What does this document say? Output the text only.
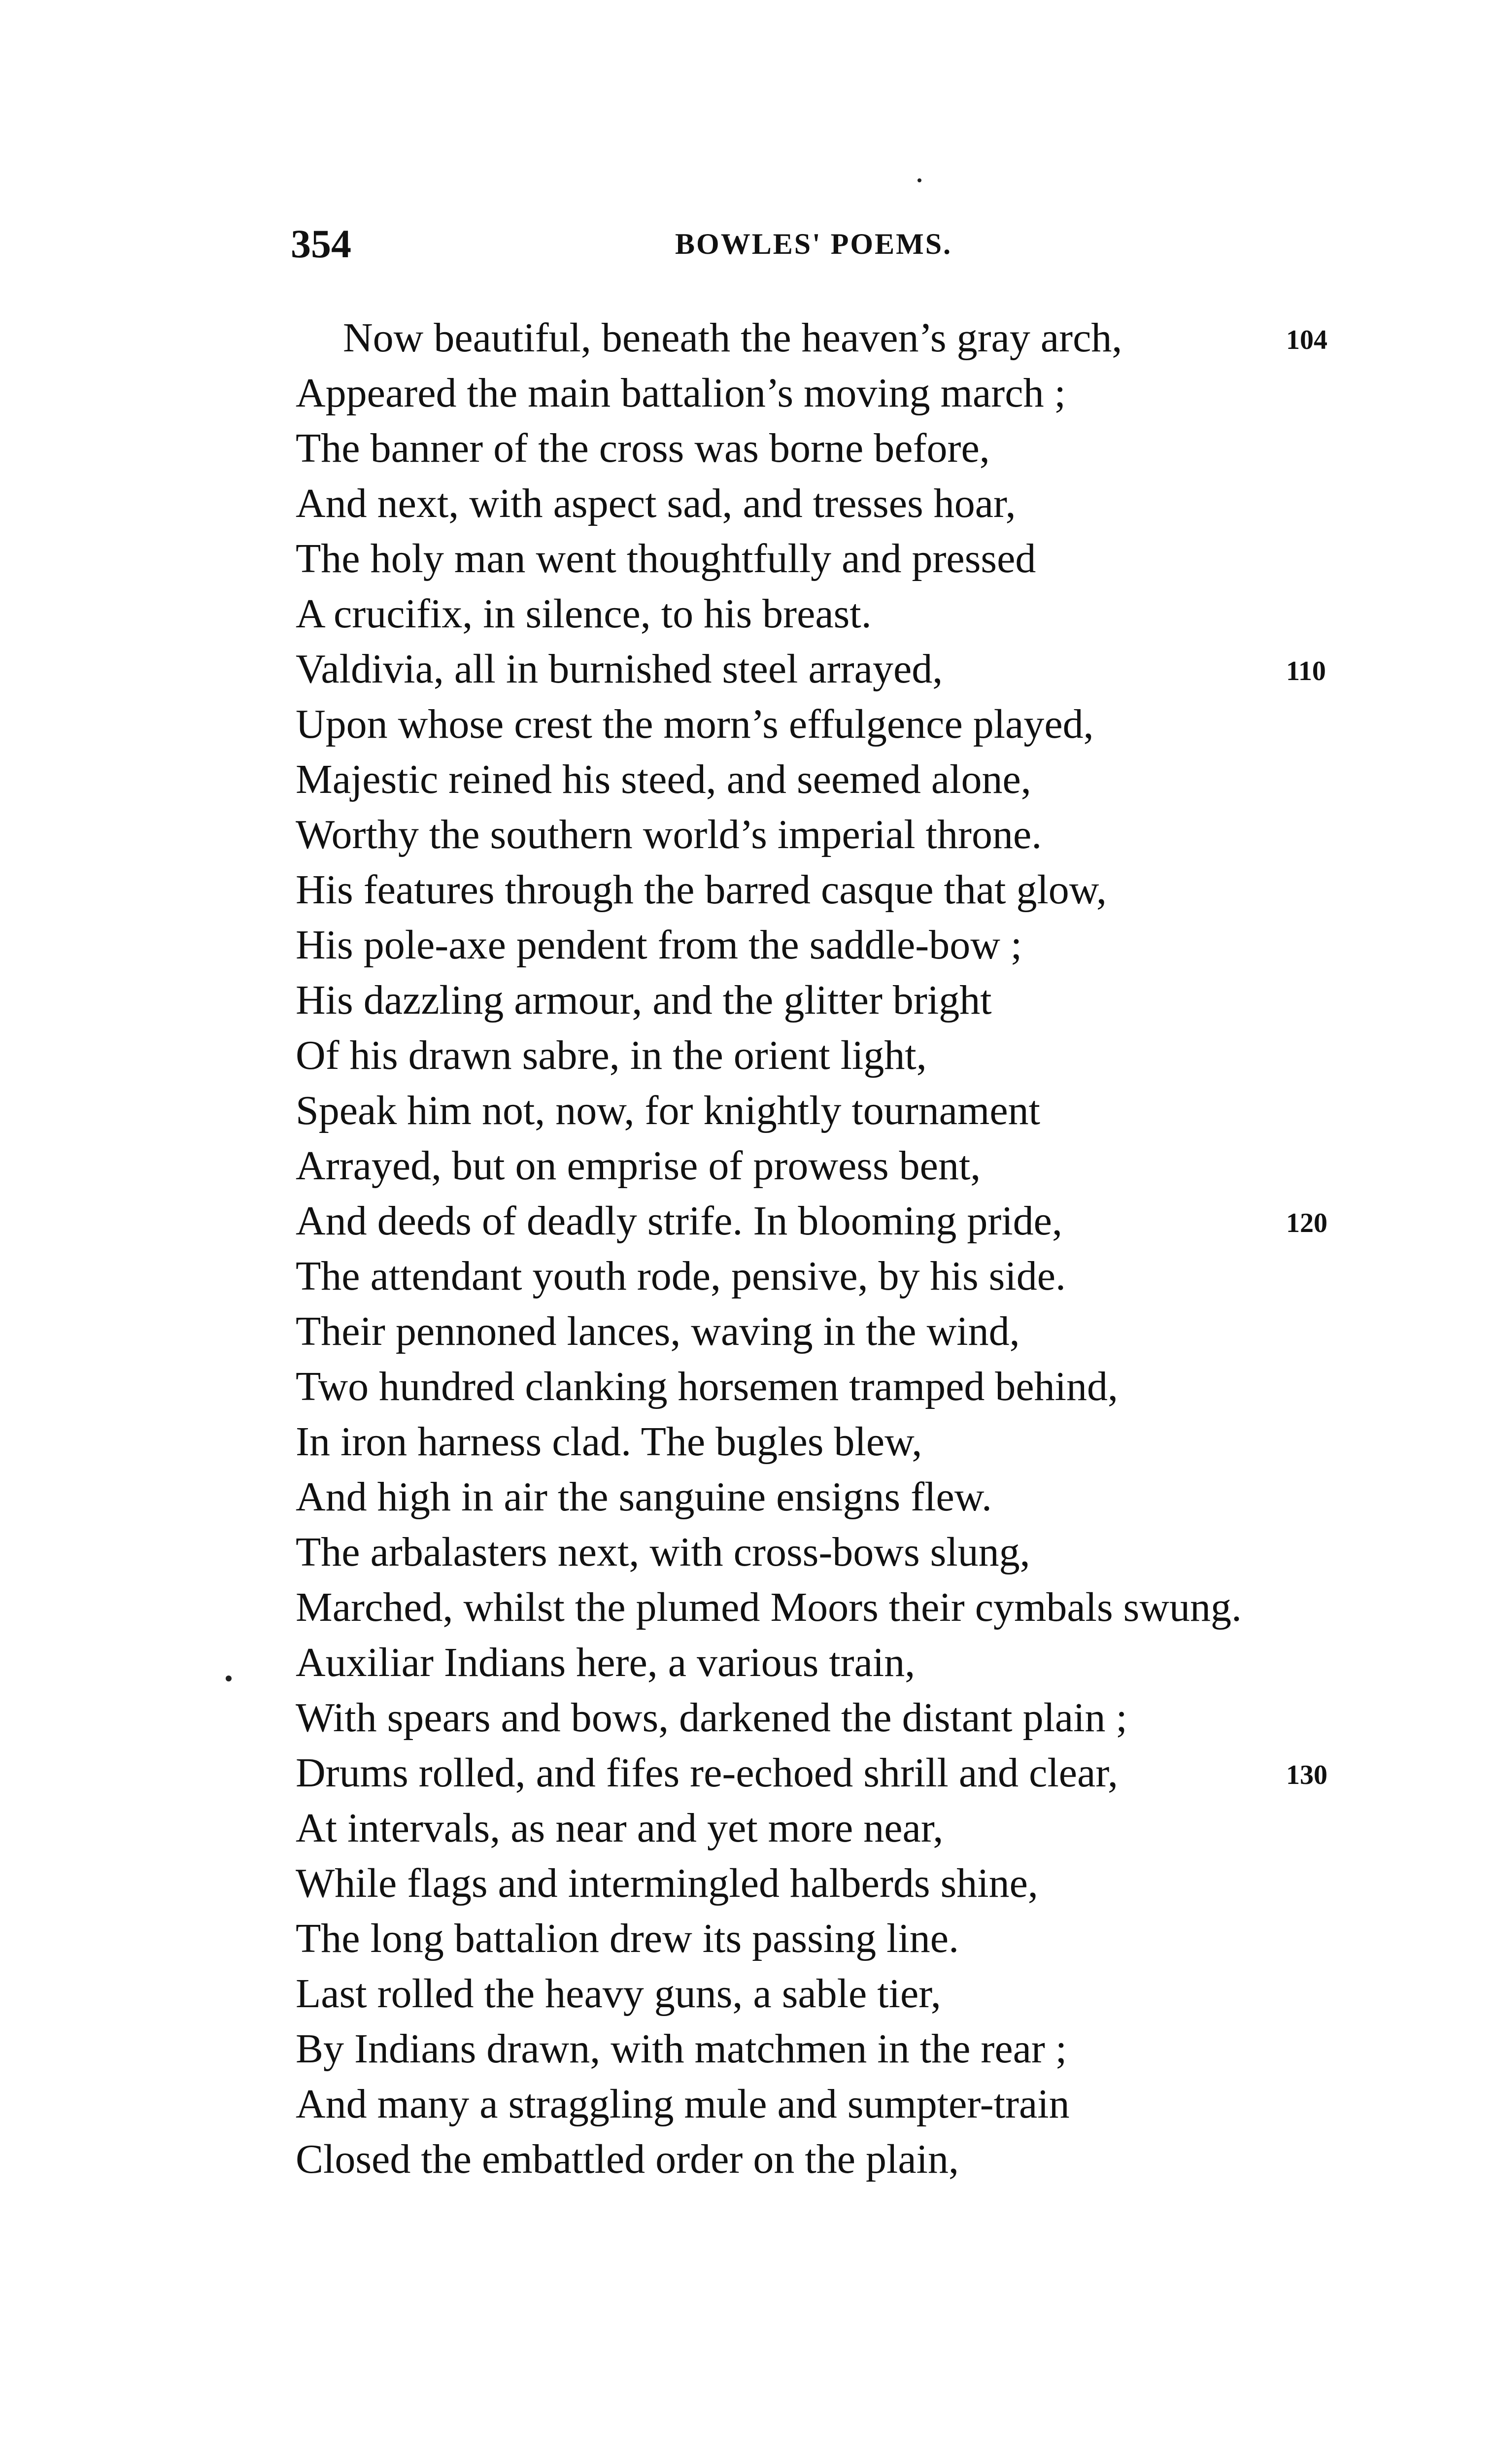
354	BOWLES' POEMS.
Now beautiful, beneath the heaven’s gray arch,	104
Appeared the main battalion’s moving march ;
The banner of the cross was borne before,
And next, with aspect sad, and tresses hoar,
The holy man went thoughtfully and pressed
A crucifix, in silence, to his breast.
Valdivia, all in burnished steel arrayed,	110
Upon whose crest the morn’s effulgence played,
Majestic reined his steed, and seemed alone,
Worthy the southern world’s imperial throne.
His features through the barred casque that glow,
His pole-axe pendent from the saddle-bow ;
His dazzling armour, and the glitter bright
Of his drawn sabre, in the orient light,
Speak him not, now, for knightly tournament
Arrayed, but on emprise of prowess bent,
And deeds of deadly strife. In blooming pride,	120
The attendant youth rode, pensive, by his side.
Their pennoned lances, waving in the wind,
Two hundred clanking horsemen tramped behind,
In iron harness clad. The bugles blew,
And high in air the sanguine ensigns flew.
The arbalasters next, with cross-bows slung,
Marched, whilst the plumed Moors their cymbals swung.
Auxiliar Indians here, a various train,
With spears and bows, darkened the distant plain ;
Drums rolled, and fifes re-echoed shrill and clear,	130
At intervals, as near and yet more near,
While flags and intermingled halberds shine,
The long battalion drew its passing line.
Last rolled the heavy guns, a sable tier,
By Indians drawn, with matchmen in the rear ;
And many a straggling mule and sumpter-train
Closed the embattled order on the plain,
